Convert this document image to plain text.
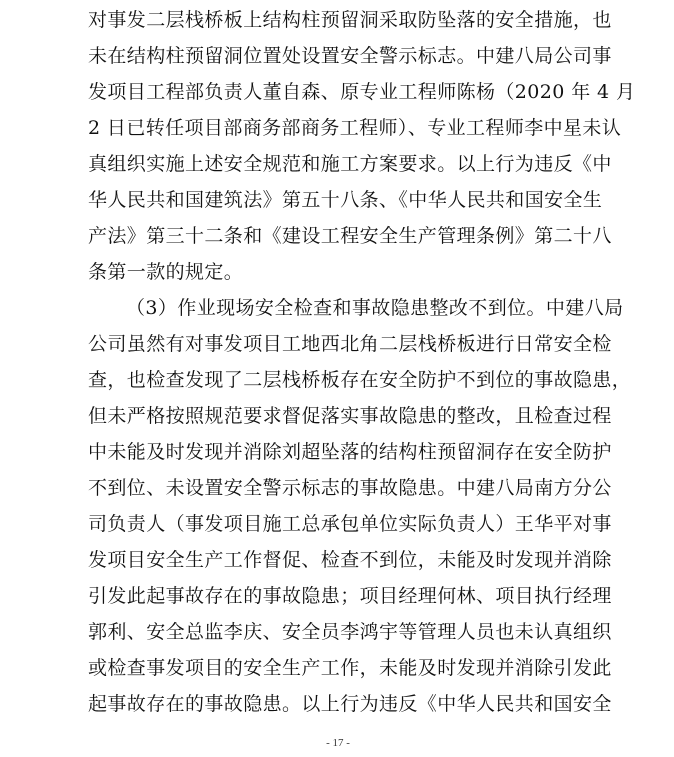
对事发二层栈桥板上结构柱预留洞采取防坠落的安全措施，也
未在结构柱预留洞位置处设置安全警示标志。中建八局公司事
发项目工程部负责人董自森、原专业工程师陈杨（2020 年 4 月
2 日已转任项目部商务部商务工程师）、专业工程师李中星未认
真组织实施上述安全规范和施工方案要求。以上行为违反《中
华人民共和国建筑法》第五十八条、《中华人民共和国安全生
产法》第三十二条和《建设工程安全生产管理条例》第二十八
条第一款的规定。
（3）作业现场安全检查和事故隐患整改不到位。中建八局
公司虽然有对事发项目工地西北角二层栈桥板进行日常安全检
查，也检查发现了二层栈桥板存在安全防护不到位的事故隐患，
但未严格按照规范要求督促落实事故隐患的整改，且检查过程
中未能及时发现并消除刘超坠落的结构柱预留洞存在安全防护
不到位、未设置安全警示标志的事故隐患。中建八局南方分公
司负责人（事发项目施工总承包单位实际负责人）王华平对事
发项目安全生产工作督促、检查不到位，未能及时发现并消除
引发此起事故存在的事故隐患；项目经理何林、项目执行经理
郭利、安全总监李庆、安全员李鸿宇等管理人员也未认真组织
或检查事发项目的安全生产工作，未能及时发现并消除引发此
起事故存在的事故隐患。以上行为违反《中华人民共和国安全
- 17 -
